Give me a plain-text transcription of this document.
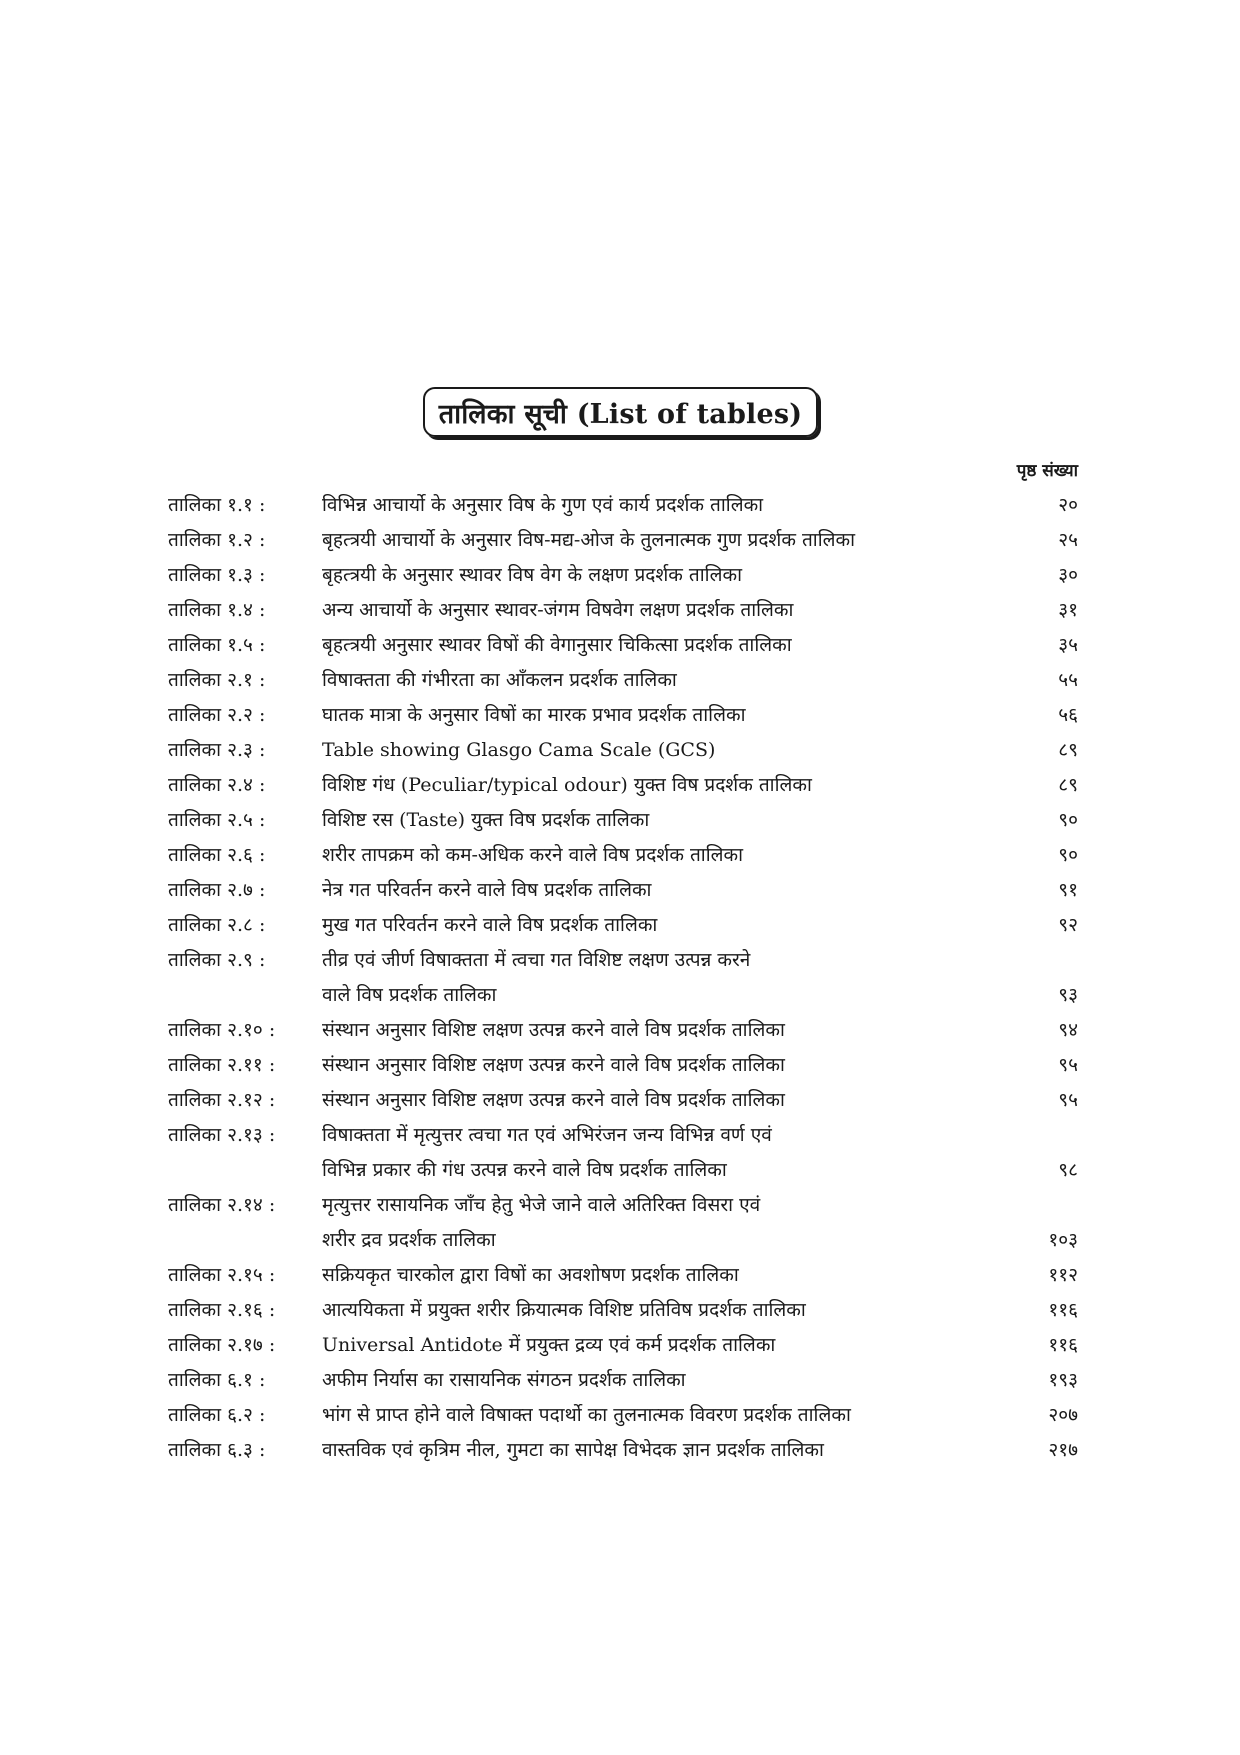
तालिका सूची (List of tables)
पृष्ठ संख्या
तालिका १.१ :	विभिन्न आचार्यो के अनुसार विष के गुण एवं कार्य प्रदर्शक तालिका	२०
तालिका १.२ :	बृहत्त्रयी आचार्यो के अनुसार विष-मद्य-ओज के तुलनात्मक गुण प्रदर्शक तालिका	२५
तालिका १.३ :	बृहत्त्रयी के अनुसार स्थावर विष वेग के लक्षण प्रदर्शक तालिका	३०
तालिका १.४ :	अन्य आचार्यो के अनुसार स्थावर-जंगम विषवेग लक्षण प्रदर्शक तालिका	३१
तालिका १.५ :	बृहत्त्रयी अनुसार स्थावर विषों की वेगानुसार चिकित्सा प्रदर्शक तालिका	३५
तालिका २.१ :	विषाक्तता की गंभीरता का आँकलन प्रदर्शक तालिका	५५
तालिका २.२ :	घातक मात्रा के अनुसार विषों का मारक प्रभाव प्रदर्शक तालिका	५६
तालिका २.३ :	Table showing Glasgo Cama Scale (GCS)	८९
तालिका २.४ :	विशिष्ट गंध (Peculiar/typical odour) युक्त विष प्रदर्शक तालिका	८९
तालिका २.५ :	विशिष्ट रस (Taste) युक्त विष प्रदर्शक तालिका	९०
तालिका २.६ :	शरीर तापक्रम को कम-अधिक करने वाले विष प्रदर्शक तालिका	९०
तालिका २.७ :	नेत्र गत परिवर्तन करने वाले विष प्रदर्शक तालिका	९१
तालिका २.८ :	मुख गत परिवर्तन करने वाले विष प्रदर्शक तालिका	९२
तालिका २.९ :	तीव्र एवं जीर्ण विषाक्तता में त्वचा गत विशिष्ट लक्षण उत्पन्न करने
वाले विष प्रदर्शक तालिका	९३
तालिका २.१० :	संस्थान अनुसार विशिष्ट लक्षण उत्पन्न करने वाले विष प्रदर्शक तालिका	९४
तालिका २.११ :	संस्थान अनुसार विशिष्ट लक्षण उत्पन्न करने वाले विष प्रदर्शक तालिका	९५
तालिका २.१२ :	संस्थान अनुसार विशिष्ट लक्षण उत्पन्न करने वाले विष प्रदर्शक तालिका	९५
तालिका २.१३ :	विषाक्तता में मृत्युत्तर त्वचा गत एवं अभिरंजन जन्य विभिन्न वर्ण एवं
विभिन्न प्रकार की गंध उत्पन्न करने वाले विष प्रदर्शक तालिका	९८
तालिका २.१४ :	मृत्युत्तर रासायनिक जाँच हेतु भेजे जाने वाले अतिरिक्त विसरा एवं
शरीर द्रव प्रदर्शक तालिका	१०३
तालिका २.१५ :	सक्रियकृत चारकोल द्वारा विषों का अवशोषण प्रदर्शक तालिका	११२
तालिका २.१६ :	आत्ययिकता में प्रयुक्त शरीर क्रियात्मक विशिष्ट प्रतिविष प्रदर्शक तालिका	११६
तालिका २.१७ :	Universal Antidote में प्रयुक्त द्रव्य एवं कर्म प्रदर्शक तालिका	११६
तालिका ६.१ :	अफीम निर्यास का रासायनिक संगठन प्रदर्शक तालिका	१९३
तालिका ६.२ :	भांग से प्राप्त होने वाले विषाक्त पदार्थो का तुलनात्मक विवरण प्रदर्शक तालिका	२०७
तालिका ६.३ :	वास्तविक एवं कृत्रिम नील, गुमटा का सापेक्ष विभेदक ज्ञान प्रदर्शक तालिका	२१७
